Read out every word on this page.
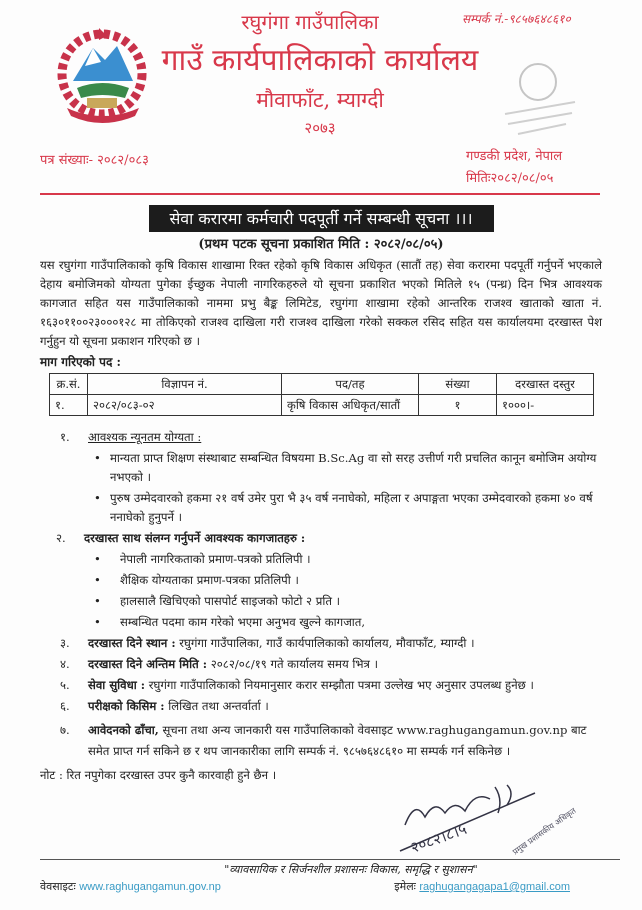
रघुगंगा गाउँपालिका
गाउँ कार्यपालिकाको कार्यालय
मौवाफाँट, म्याग्दी
२०७३
सम्पर्क नं.-९८५७६४८६१०
पत्र संख्याः- २०८२/०८३	गण्डकी प्रदेश, नेपाल
मितिः२०८२/०८/०५
सेवा करारमा कर्मचारी पदपूर्ती गर्ने सम्बन्धी सूचना ।।।
(प्रथम पटक सूचना प्रकाशित मिति : २०८२/०८/०५)
यस रघुगंगा गाउँपालिकाको कृषि विकास शाखामा रिक्त रहेको कृषि विकास अधिकृत (सातौं तह) सेवा करारमा पदपूर्ती गर्नुपर्ने भएकाले देहाय बमोजिमको योग्यता पुगेका ईच्छुक नेपाली नागरिकहरुले यो सूचना प्रकाशित भएको मितिले १५ (पन्ध्र) दिन भित्र आवश्यक कागजात सहित यस गाउँपालिकाको नाममा प्रभु बैङ्क लिमिटेड, रघुगंगा शाखामा रहेको आन्तरिक राजश्व खाताको खाता नं. १६३०११००२३०००१२८ मा तोकिएको राजश्व दाखिला गरी राजश्व दाखिला गरेको सक्कल रसिद सहित यस कार्यालयमा दरखास्त पेश गर्नुहुन यो सूचना प्रकाशन गरिएको छ ।
माग गरिएको पद :
क्र.सं.	विज्ञापन नं.	पद/तह	संख्या	दरखास्त दस्तुर
१.	२०८२/०८३-०२	कृषि विकास अधिकृत/सातौं	१	१०००।-
१.	आवश्यक न्यूनतम योग्यता :
• मान्यता प्राप्त शिक्षण संस्थाबाट सम्बन्धित विषयमा B.Sc.Ag वा सो सरह उत्तीर्ण गरी प्रचलित कानून बमोजिम अयोग्य नभएको ।
• पुरुष उम्मेदवारको हकमा २१ वर्ष उमेर पुरा भै ३५ वर्ष ननाघेको, महिला र अपाङ्गता भएका उम्मेदवारको हकमा ४० वर्ष ननाघेको हुनुपर्ने ।
२.	दरखास्त साथ संलग्न गर्नुपर्ने आवश्यक कागजातहरु :
• नेपाली नागरिकताको प्रमाण-पत्रको प्रतिलिपी ।
• शैक्षिक योग्यताका प्रमाण-पत्रका प्रतिलिपी ।
• हालसालै खिचिएको पासपोर्ट साइजको फोटो २ प्रति ।
• सम्बन्धित पदमा काम गरेको भएमा अनुभव खुल्ने कागजात,
३.	दरखास्त दिने स्थान : रघुगंगा गाउँपालिका, गाउँ कार्यपालिकाको कार्यालय, मौवाफाँट, म्याग्दी ।
४.	दरखास्त दिने अन्तिम मिति : २०८२/०८/१९ गते कार्यालय समय भित्र ।
५.	सेवा सुविधा : रघुगंगा गाउँपालिकाको नियमानुसार करार सम्झौता पत्रमा उल्लेख भए अनुसार उपलब्ध हुनेछ ।
६.	परीक्षको किसिम : लिखित तथा अन्तर्वार्ता ।
७.	आवेदनको ढाँचा, सूचना तथा अन्य जानकारी यस गाउँपालिकाको वेवसाइट www.raghugangamun.gov.np बाट समेत प्राप्त गर्न सकिने छ र थप जानकारीका लागि सम्पर्क नं. ९८५७६४८६१० मा सम्पर्क गर्न सकिनेछ ।
नोट : रित नपुगेका दरखास्त उपर कुनै कारवाही हुने छैन ।
२०८२।८।५	प्रमुख प्रशासकीय अधिकृत
"व्यावसायिक र सिर्जनशील प्रशासनः विकास, समृद्धि र सुशासन"
वेवसाइटः www.raghugangamun.gov.np	इमेलः raghugangagapa1@gmail.com
